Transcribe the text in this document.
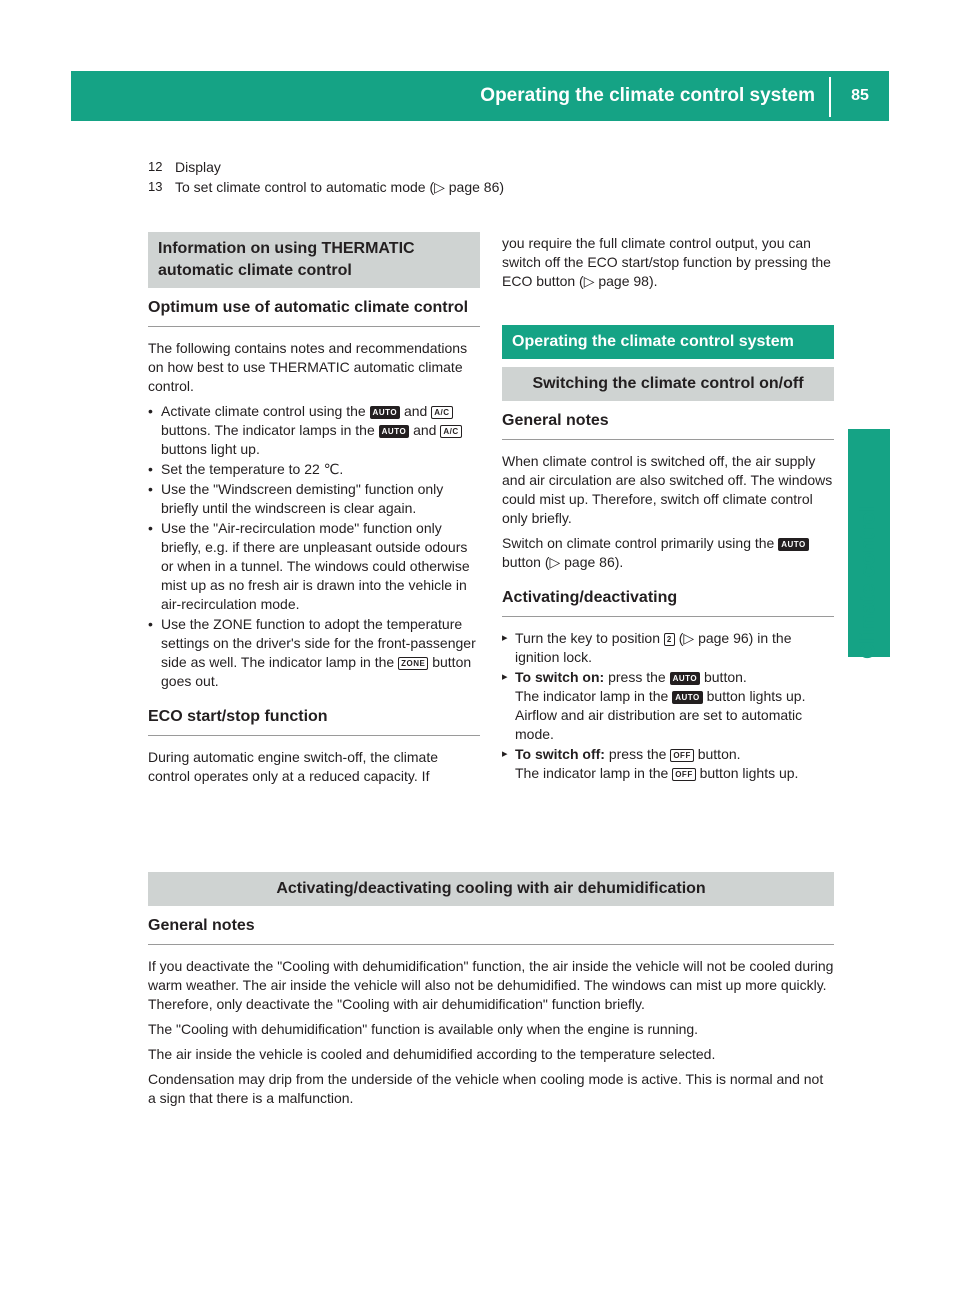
Operating the climate control system	85
Climate control
12 Display
13 To set climate control to automatic mode (▷ page 86)
Information on using THERMATIC automatic climate control
Optimum use of automatic climate control

The following contains notes and recommendations on how best to use THERMATIC automatic climate control.

• Activate climate control using the AUTO and A/C buttons. The indicator lamps in the AUTO and A/C buttons light up.
• Set the temperature to 22 ℃.
• Use the "Windscreen demisting" function only briefly until the windscreen is clear again.
• Use the "Air-recirculation mode" function only briefly, e.g. if there are unpleasant outside odours or when in a tunnel. The windows could otherwise mist up as no fresh air is drawn into the vehicle in air-recirculation mode.
• Use the ZONE function to adopt the temperature settings on the driver's side for the front-passenger side as well. The indicator lamp in the ZONE button goes out.
ECO start/stop function

During automatic engine switch-off, the climate control operates only at a reduced capacity. If

you require the full climate control output, you can switch off the ECO start/stop function by pressing the ECO button (▷ page 98).

Operating the climate control system
Switching the climate control on/off
General notes

When climate control is switched off, the air supply and air circulation are also switched off. The windows could mist up. Therefore, switch off climate control only briefly.

Switch on climate control primarily using the AUTO button (▷ page 86).

Activating/deactivating
▸ Turn the key to position 2 (▷ page 96) in the ignition lock.
▸ To switch on: press the AUTO button.
The indicator lamp in the AUTO button lights up. Airflow and air distribution are set to automatic mode.
▸ To switch off: press the OFF button.
The indicator lamp in the OFF button lights up.
Activating/deactivating cooling with air dehumidification
General notes

If you deactivate the "Cooling with dehumidification" function, the air inside the vehicle will not be cooled during warm weather. The air inside the vehicle will also not be dehumidified. The windows can mist up more quickly. Therefore, only deactivate the "Cooling with air dehumidification" function briefly.

The "Cooling with dehumidification" function is available only when the engine is running.

The air inside the vehicle is cooled and dehumidified according to the temperature selected.

Condensation may drip from the underside of the vehicle when cooling mode is active. This is normal and not a sign that there is a malfunction.
